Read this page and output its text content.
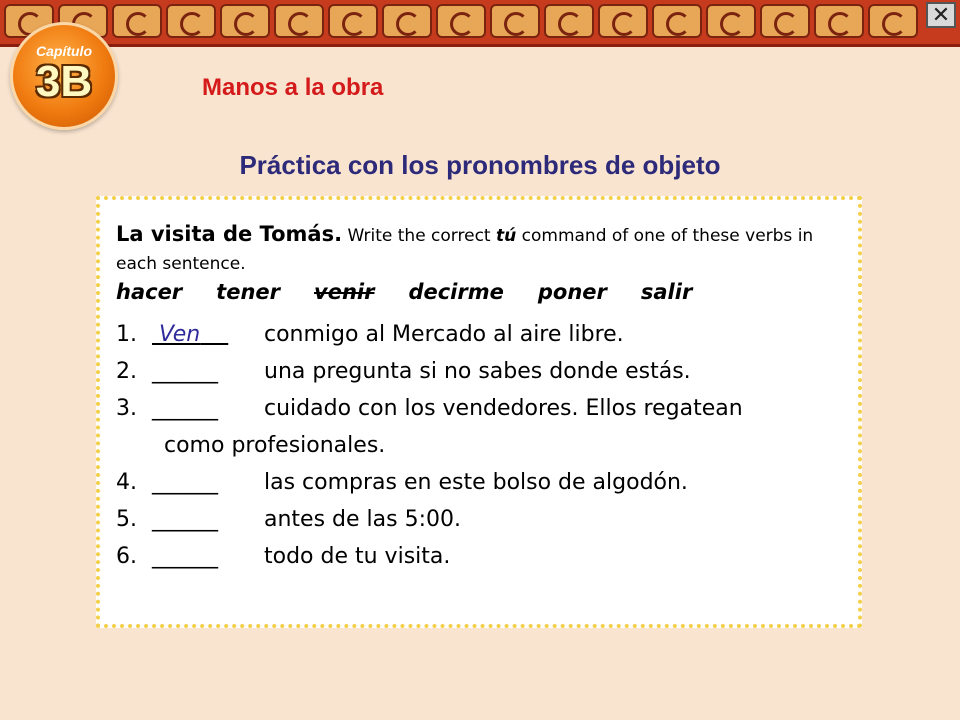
✕
Capítulo
3B	Manos a la obra
Práctica con los pronombres de objeto
La visita de Tomás. Write the correct tú command of one of these verbs in each sentence.
hacer tener venir decirme poner salir
1.	Ven	conmigo al Mercado al aire libre.
2. ______	una pregunta si no sabes donde estás.
3. ______	cuidado con los vendedores. Ellos regatean
como profesionales.
4. ______	las compras en este bolso de algodón.
5. ______	antes de las 5:00.
6. ______	todo de tu visita.
